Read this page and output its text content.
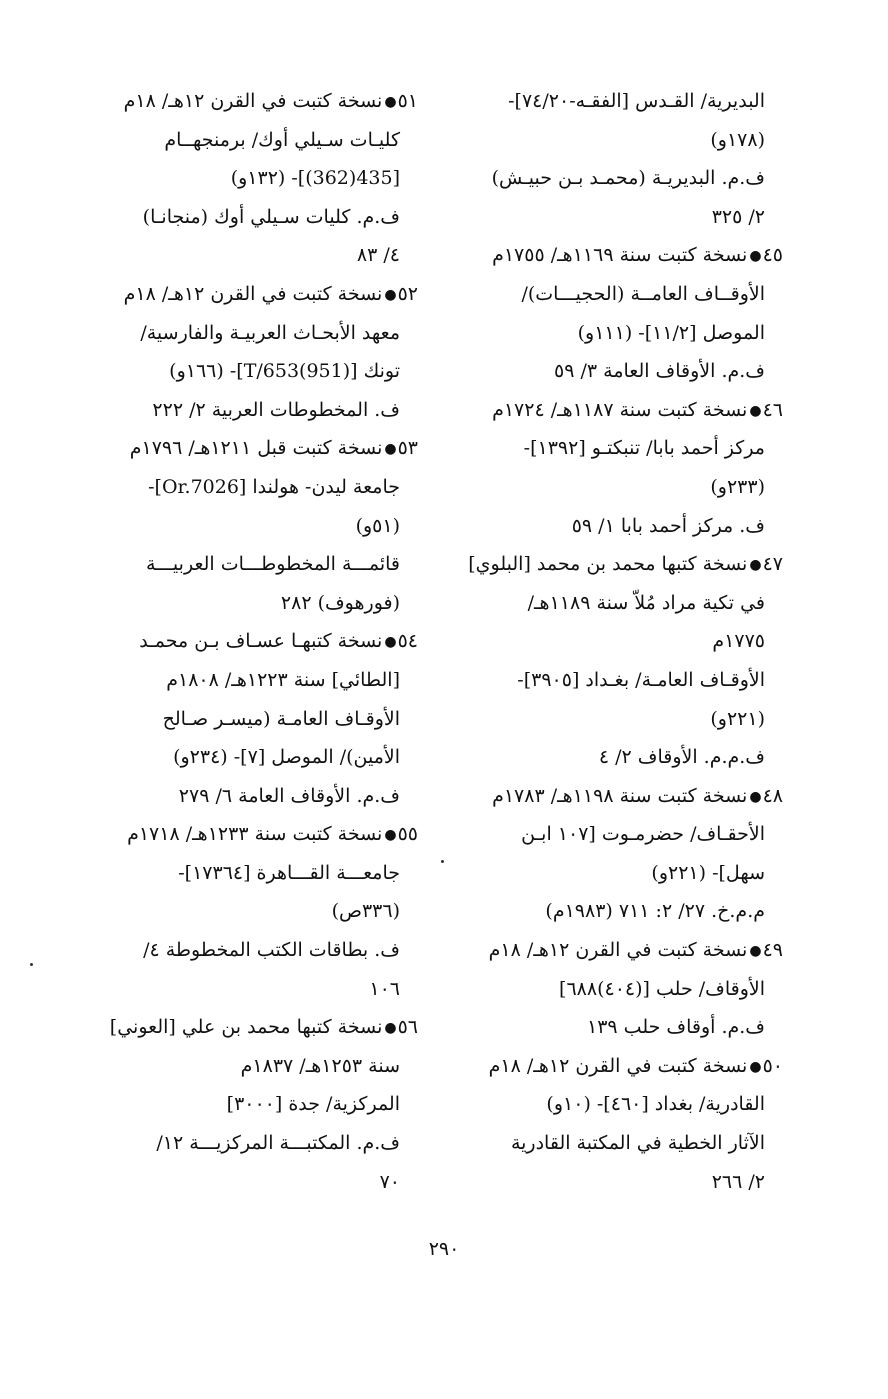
البديرية/ القـدس [الفقـه-٧٤/٢٠]-
(١٧٨و)
ف.م. البديريـة (محمـد بـن حبيـش)
٢/ ٣٢٥
٤٥●نسخة كتبت سنة ١١٦٩هـ/ ١٧٥٥م
الأوقــاف العامــة (الحجيـــات)/
الموصل [١١/٢]- (١١١و)
ف.م. الأوقاف العامة ٣/ ٥٩
٤٦●نسخة كتبت سنة ١١٨٧هـ/ ١٧٢٤م
مركز أحمد بابا/ تنبكتـو [١٣٩٢]-
(٢٣٣و)
ف. مركز أحمد بابا ١/ ٥٩
٤٧●نسخة كتبها محمد بن محمد [البلوي]
في تكية مراد مُلاّ سنة ١١٨٩هـ/
١٧٧٥م
الأوقـاف العامـة/ بغـداد [٣٩٠٥]-
(٢٢١و)
ف.م.م. الأوقاف ٢/ ٤
٤٨●نسخة كتبت سنة ١١٩٨هـ/ ١٧٨٣م
الأحقـاف/ حضرمـوت [١٠٧ ابـن
سهل]- (٢٢١و)
م.م.خ. ٢٧/ ٢: ٧١١ (١٩٨٣م)
٤٩●نسخة كتبت في القرن ١٢هـ/ ١٨م
الأوقاف/ حلب [(٤٠٤)٦٨٨]
ف.م. أوقاف حلب ١٣٩
٥٠●نسخة كتبت في القرن ١٢هـ/ ١٨م
القادرية/ بغداد [٤٦٠]- (١٠و)
الآثار الخطية في المكتبة القادرية
٢/ ٢٦٦
٥١●نسخة كتبت في القرن ١٢هـ/ ١٨م
كليـات سـيلي أوك/ برمنجهــام
[435(362)]- (١٣٢و)
ف.م. كليات سـيلي أوك (منجانـا)
٤/ ٨٣
٥٢●نسخة كتبت في القرن ١٢هـ/ ١٨م
معهد الأبحـاث العربيـة والفارسية/
تونك [(951)T/653]- (١٦٦و)
ف. المخطوطات العربية ٢/ ٢٢٢
٥٣●نسخة كتبت قبل ١٢١١هـ/ ١٧٩٦م
جامعة ليدن- هولندا [Or.7026]-
(٥١و)
قائمـــة المخطوطـــات العربيـــة
(فورهوف) ٢٨٢
٥٤●نسخة كتبهـا عسـاف بـن محمـد
[الطائي] سنة ١٢٢٣هـ/ ١٨٠٨م
الأوقـاف العامـة (ميسـر صـالح
الأمين)/ الموصل [٧]- (٢٣٤و)
ف.م. الأوقاف العامة ٦/ ٢٧٩
٥٥●نسخة كتبت سنة ١٢٣٣هـ/ ١٧١٨م
جامعـــة القـــاهرة [١٧٣٦٤]-
(٣٣٦ص)
ف. بطاقات الكتب المخطوطة ٤/
١٠٦
٥٦●نسخة كتبها محمد بن علي [العوني]
سنة ١٢٥٣هـ/ ١٨٣٧م
المركزية/ جدة [٣٠٠٠]
ف.م. المكتبـــة المركزيـــة ١٢/
٧٠
٢٩٠
